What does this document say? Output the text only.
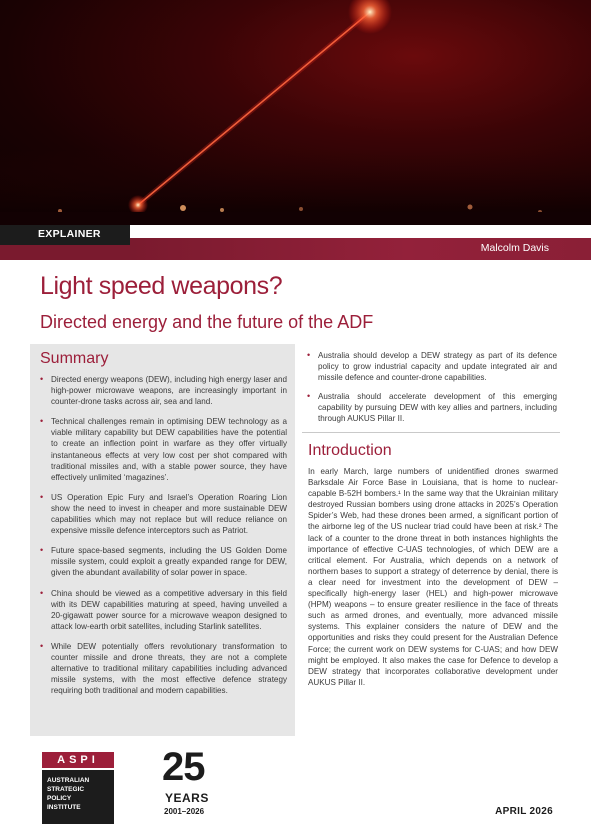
EXPLAINER
Malcolm Davis
Light speed weapons?
Directed energy and the future of the ADF
Summary
• Directed energy weapons (DEW), including high energy laser and high-power microwave weapons, are increasingly important in counter-drone tasks across air, sea and land.
• Technical challenges remain in optimising DEW technology as a viable military capability but DEW capabilities have the potential to create an inflection point in warfare as they offer virtually instantaneous effects at very low cost per shot compared with traditional missiles and, with a stable power source, they have effectively unlimited ‘magazines’.
• US Operation Epic Fury and Israel’s Operation Roaring Lion show the need to invest in cheaper and more sustainable DEW capabilities which may not replace but will reduce reliance on expensive missile defence interceptors such as Patriot.
• Future space-based segments, including the US Golden Dome missile system, could exploit a greatly expanded range for DEW, given the abundant availability of solar power in space.
• China should be viewed as a competitive adversary in this field with its DEW capabilities maturing at speed, having unveiled a 20-gigawatt power source for a microwave weapon designed to attack low-earth orbit satellites, including Starlink satellites.
• While DEW potentially offers revolutionary transformation to counter missile and drone threats, they are not a complete alternative to traditional military capabilities including advanced missile systems, with the most effective defence strategy requiring both traditional and modern capabilities.
• Australia should develop a DEW strategy as part of its defence policy to grow industrial capacity and update integrated air and missile defence and counter-drone capabilities.
• Australia should accelerate development of this emerging capability by pursuing DEW with key allies and partners, including through AUKUS Pillar II.
Introduction

In early March, large numbers of unidentified drones swarmed Barksdale Air Force Base in Louisiana, that is home to nuclear-capable B-52H bombers.¹ In the same way that the Ukrainian military destroyed Russian bombers using drone attacks in 2025’s Operation Spider’s Web, had these drones been armed, a significant portion of the airborne leg of the US nuclear triad could have been at risk.² The lack of a counter to the drone threat in both instances highlights the importance of effective C-UAS technologies, of which DEW are a critical element. For Australia, which depends on a network of northern bases to support a strategy of deterrence by denial, there is a clear need for investment into the development of DEW – specifically high-energy laser (HEL) and high-power microwave (HPM) weapons – to ensure greater resilience in the face of threats such as armed drones, and eventually, more advanced missile systems. This explainer considers the nature of DEW and the opportunities and risks they could present for the Australian Defence Force; the current work on DEW systems for C-UAS; and how DEW might be employed. It also makes the case for Defence to develop a DEW strategy that incorporates collaborative development under AUKUS Pillar II.

ASPI
AUSTRALIAN
STRATEGIC
POLICY
INSTITUTE
25
YEARS
2001–2026	APRIL 2026
